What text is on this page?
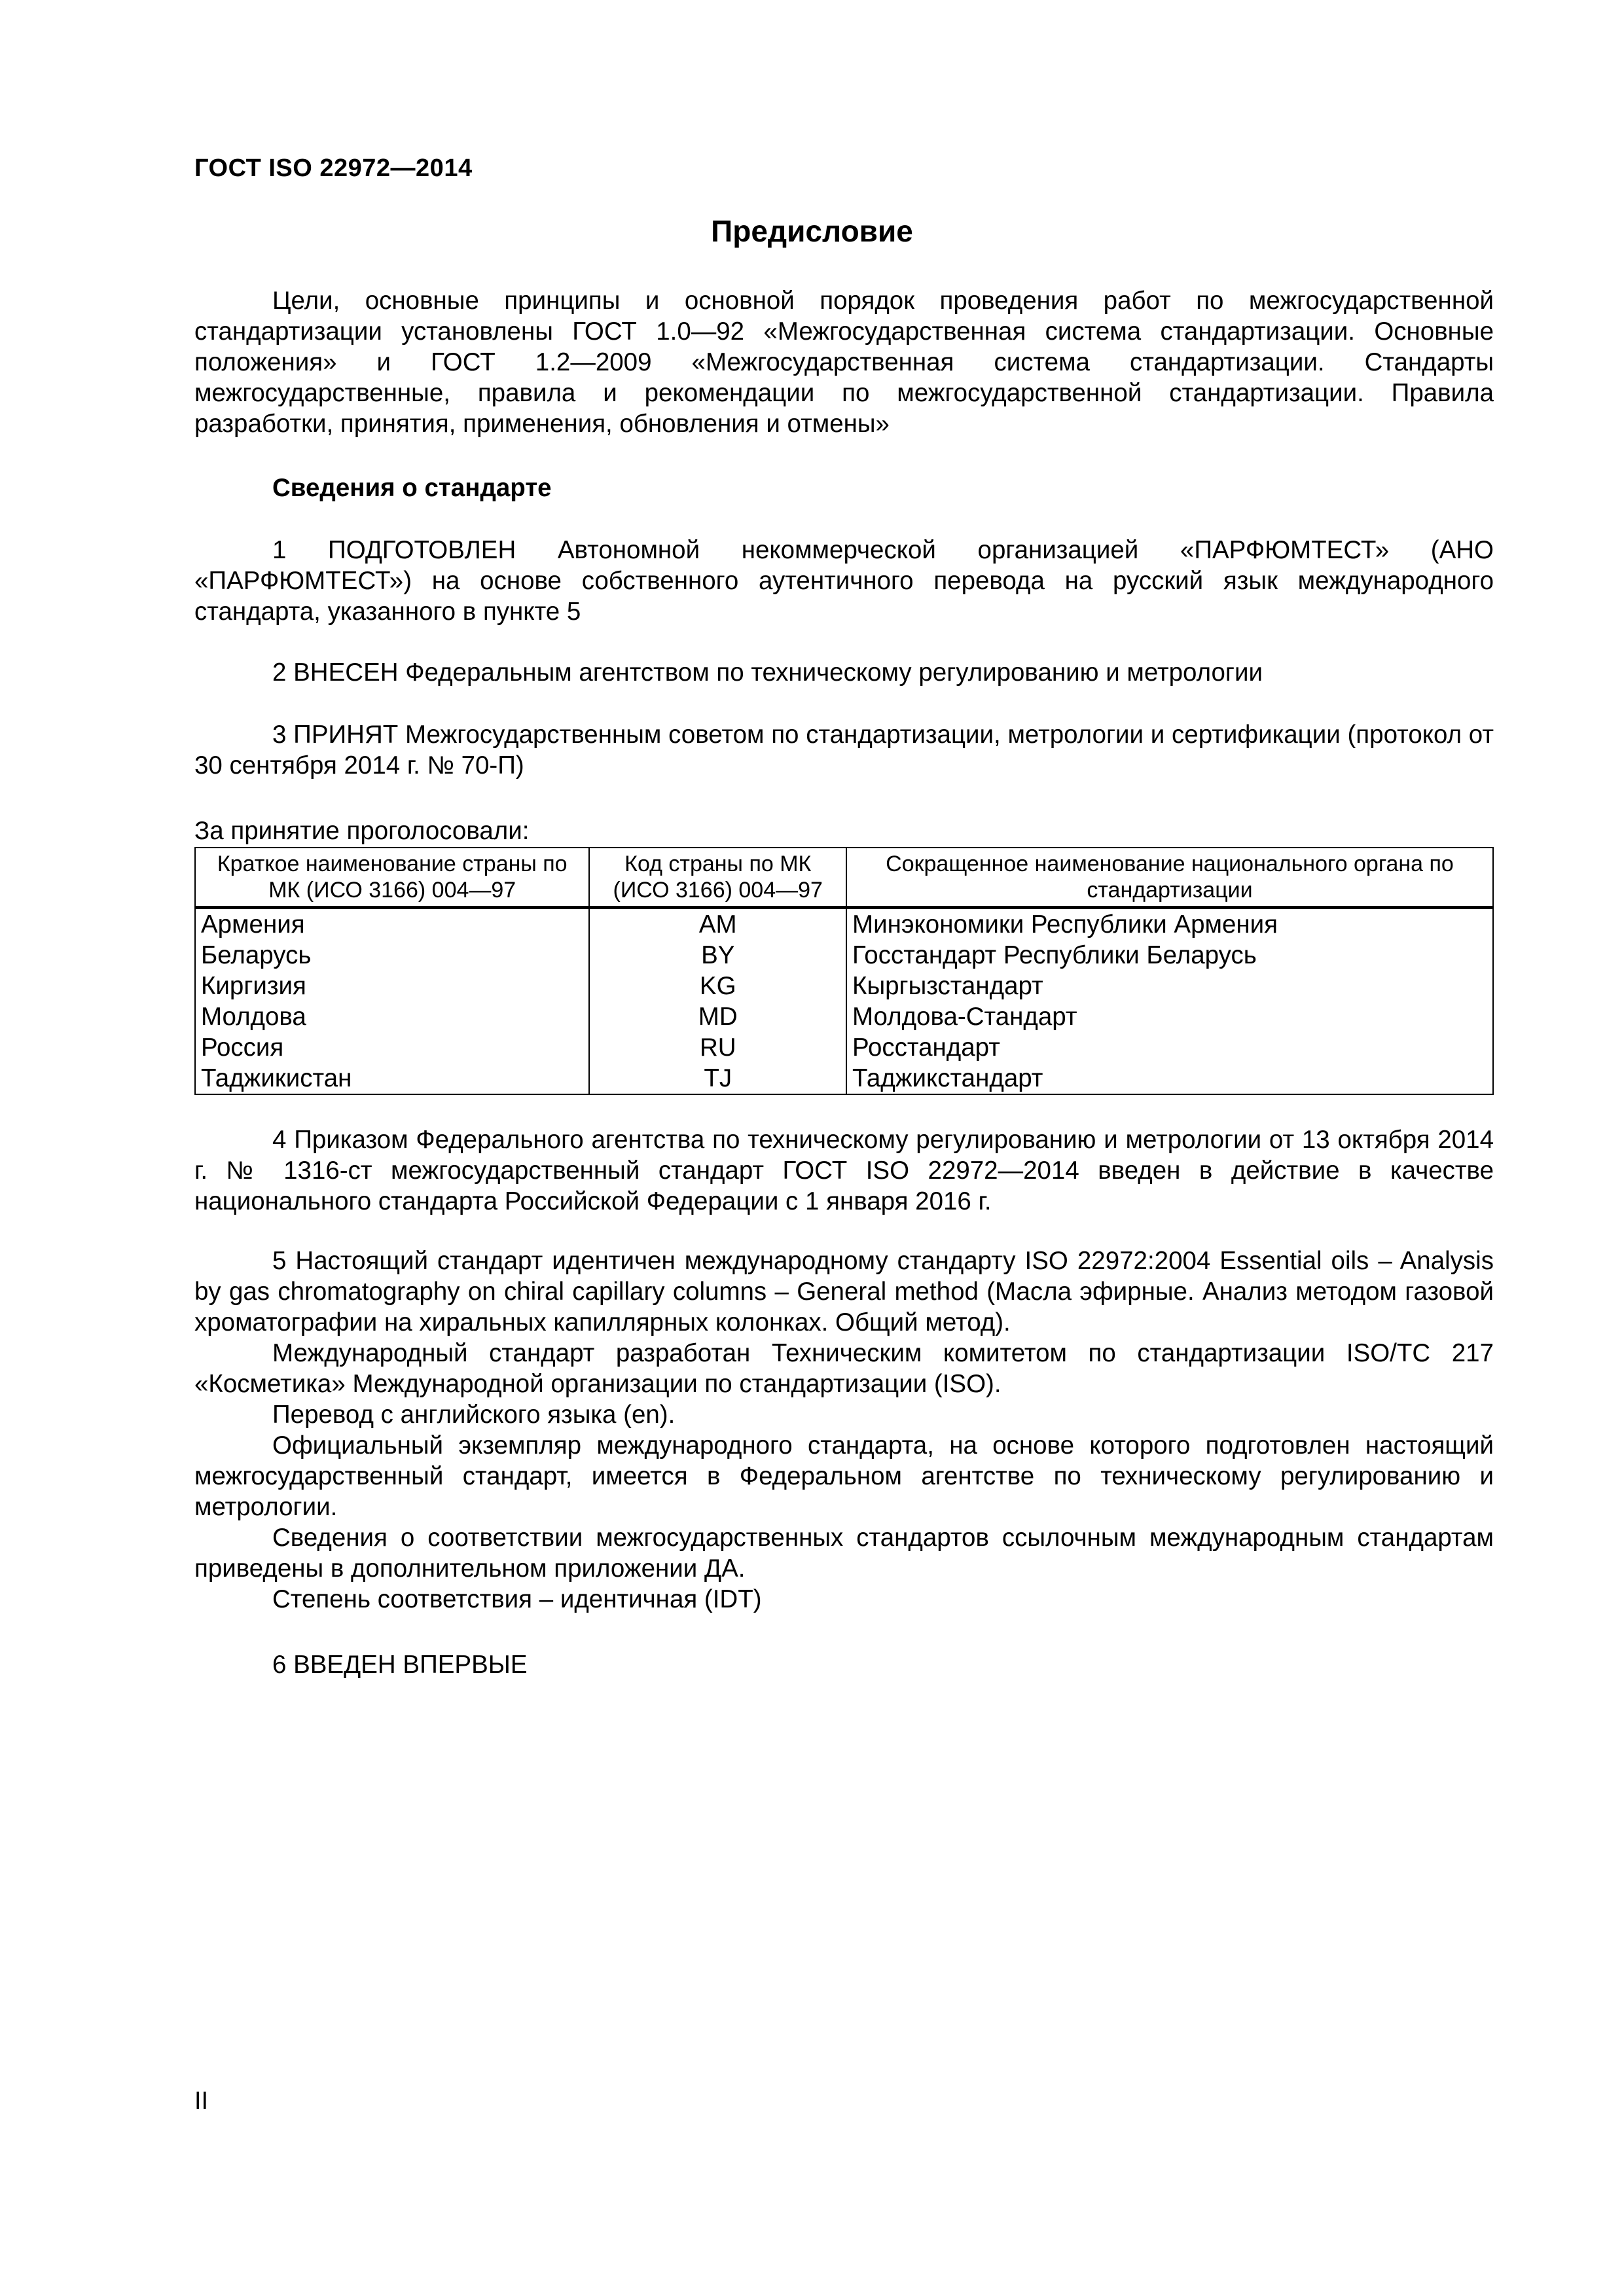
ГОСТ ISO 22972—2014
Предисловие

Цели, основные принципы и основной порядок проведения работ по межгосударственной стандартизации установлены ГОСТ 1.0—92 «Межгосударственная система стандартизации. Основные положения» и ГОСТ 1.2—2009 «Межгосударственная система стандартизации. Стандарты межгосударственные, правила и рекомендации по межгосударственной стандартизации. Правила разработки, принятия, применения, обновления и отмены»

Сведения о стандарте

1 ПОДГОТОВЛЕН Автономной некоммерческой организацией «ПАРФЮМТЕСТ» (АНО «ПАРФЮМТЕСТ») на основе собственного аутентичного перевода на русский язык международного стандарта, указанного в пункте 5

2 ВНЕСЕН Федеральным агентством по техническому регулированию и метрологии

3 ПРИНЯТ Межгосударственным советом по стандартизации, метрологии и сертификации (протокол от 30 сентября 2014 г. № 70-П)

За принятие проголосовали:

Краткое наименование страны по МК (ИСО 3166) 004—97	Код страны по МК (ИСО 3166) 004—97	Сокращенное наименование национального органа по стандартизации
Армения	AM	Минэкономики Республики Армения
Беларусь	BY	Госстандарт Республики Беларусь
Киргизия	KG	Кыргызстандарт
Молдова	MD	Молдова-Стандарт
Россия	RU	Росстандарт
Таджикистан	TJ	Таджикстандарт

4 Приказом Федерального агентства по техническому регулированию и метрологии от 13 октября 2014 г. № 1316-ст межгосударственный стандарт ГОСТ ISO 22972—2014 введен в действие в качестве национального стандарта Российской Федерации с 1 января 2016 г.

5 Настоящий стандарт идентичен международному стандарту ISO 22972:2004 Essential oils – Analysis by gas chromatography on chiral capillary columns – General method (Масла эфирные. Анализ методом газовой хроматографии на хиральных капиллярных колонках. Общий метод).

Международный стандарт разработан Техническим комитетом по стандартизации ISO/TC 217 «Косметика» Международной организации по стандартизации (ISO).

Перевод с английского языка (en).

Официальный экземпляр международного стандарта, на основе которого подготовлен настоящий межгосударственный стандарт, имеется в Федеральном агентстве по техническому регулированию и метрологии.

Сведения о соответствии межгосударственных стандартов ссылочным международным стандартам приведены в дополнительном приложении ДА.

Степень соответствия – идентичная (IDT)

6 ВВЕДЕН ВПЕРВЫЕ

II
